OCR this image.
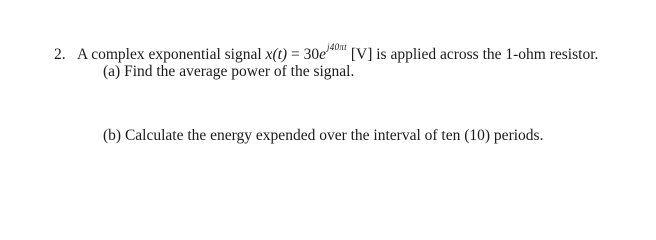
2. A complex exponential signal $x(t) = 30e^{j40\pi t}$ [V] is applied across the 1-ohm resistor.
(a) Find the average power of the signal.
(b) Calculate the energy expended over the interval of ten (10) periods.
